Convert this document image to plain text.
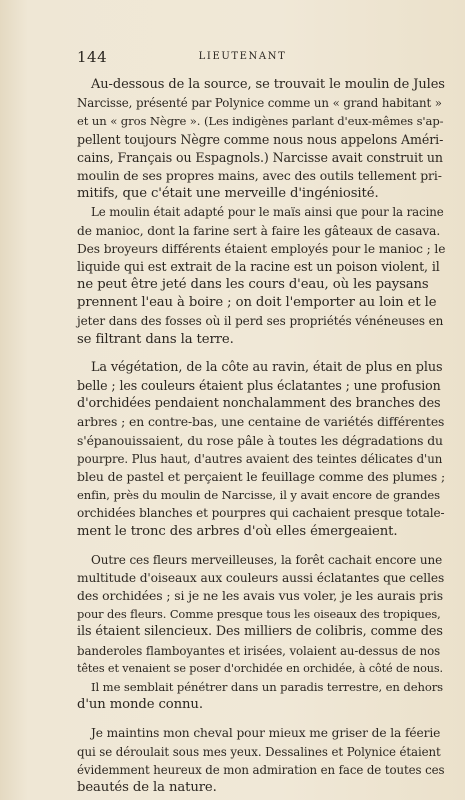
144	LIEUTENANT
Au-dessous de la source, se trouvait le moulin de Jules
Narcisse, présenté par Polynice comme un « grand habitant »
et un « gros Nègre ». (Les indigènes parlant d'eux-mêmes s'ap-
pellent toujours Nègre comme nous nous appelons Améri-
cains, Français ou Espagnols.) Narcisse avait construit un
moulin de ses propres mains, avec des outils tellement pri-
mitifs, que c'était une merveille d'ingéniosité.
Le moulin était adapté pour le maïs ainsi que pour la racine
de manioc, dont la farine sert à faire les gâteaux de casava.
Des broyeurs différents étaient employés pour le manioc ; le
liquide qui est extrait de la racine est un poison violent, il
ne peut être jeté dans les cours d'eau, où les paysans
prennent l'eau à boire ; on doit l'emporter au loin et le
jeter dans des fosses où il perd ses propriétés vénéneuses en
se filtrant dans la terre.
La végétation, de la côte au ravin, était de plus en plus
belle ; les couleurs étaient plus éclatantes ; une profusion
d'orchidées pendaient nonchalamment des branches des
arbres ; en contre-bas, une centaine de variétés différentes
s'épanouissaient, du rose pâle à toutes les dégradations du
pourpre. Plus haut, d'autres avaient des teintes délicates d'un
bleu de pastel et perçaient le feuillage comme des plumes ;
enfin, près du moulin de Narcisse, il y avait encore de grandes
orchidées blanches et pourpres qui cachaient presque totale-
ment le tronc des arbres d'où elles émergeaient.
Outre ces fleurs merveilleuses, la forêt cachait encore une
multitude d'oiseaux aux couleurs aussi éclatantes que celles
des orchidées ; si je ne les avais vus voler, je les aurais pris
pour des fleurs. Comme presque tous les oiseaux des tropiques,
ils étaient silencieux. Des milliers de colibris, comme des
banderoles flamboyantes et irisées, volaient au-dessus de nos
têtes et venaient se poser d'orchidée en orchidée, à côté de nous.
Il me semblait pénétrer dans un paradis terrestre, en dehors
d'un monde connu.
Je maintins mon cheval pour mieux me griser de la féerie
qui se déroulait sous mes yeux. Dessalines et Polynice étaient
évidemment heureux de mon admiration en face de toutes ces
beautés de la nature.
